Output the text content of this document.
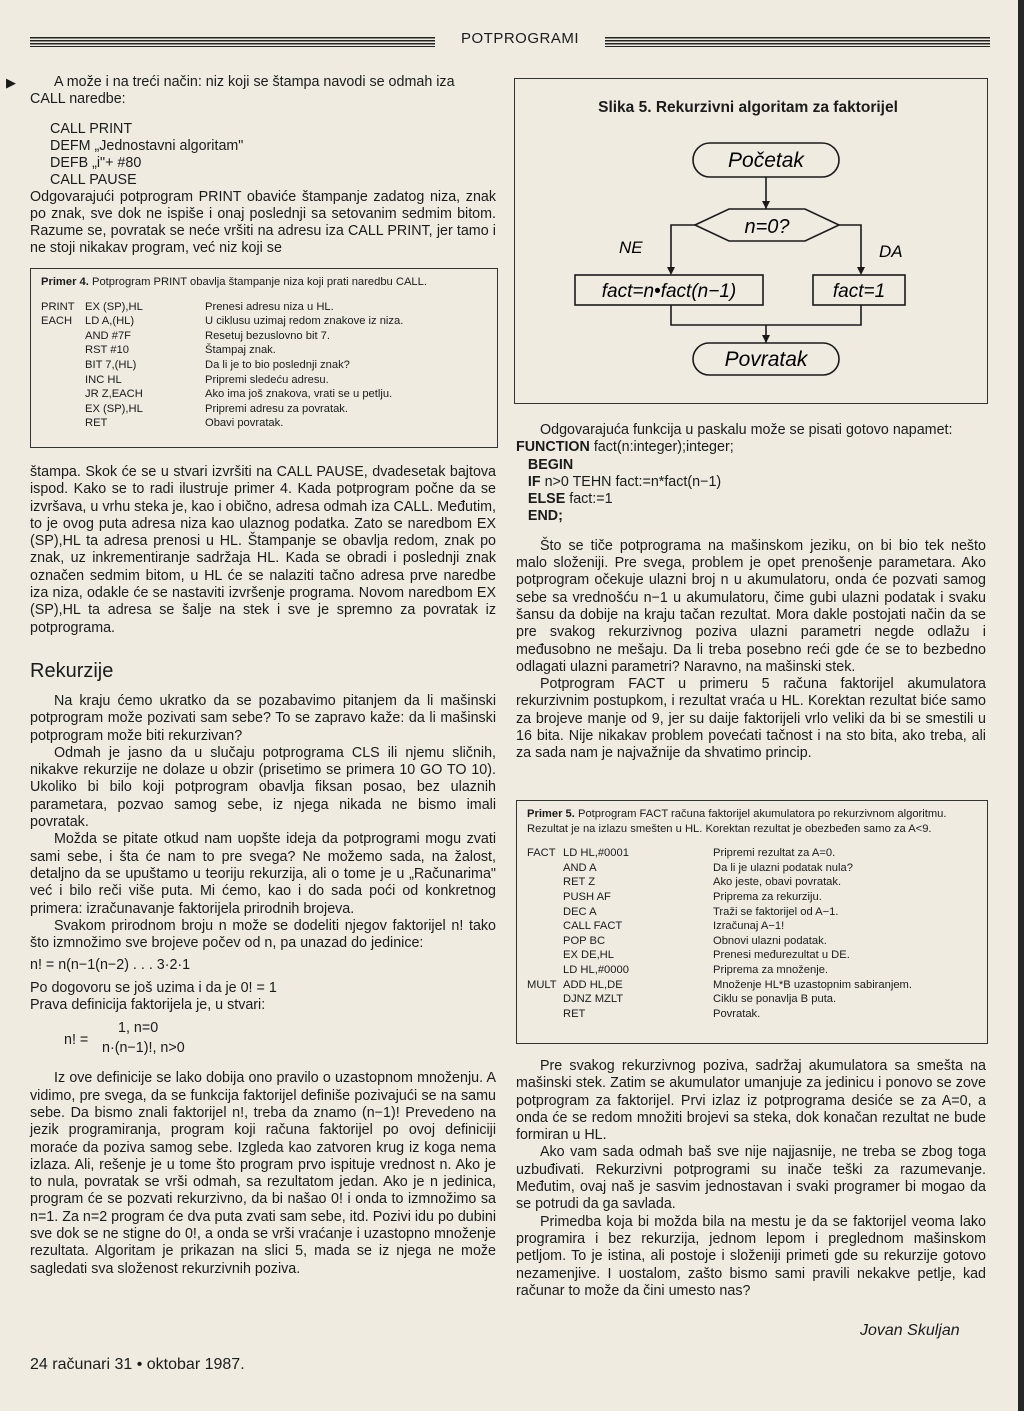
POTPROGRAMI
▶	A može i na treći način: niz koji se štampa navodi se odmah iza

CALL naredbe:

CALL PRINT
DEFM „Jednostavni algoritam"
DEFB „i"+ #80
CALL PAUSE

Odgovarajući potprogram PRINT obaviće štampanje zadatog niza, znak po znak, sve dok ne ispiše i onaj poslednji sa setovanim sedmim bitom. Razume se, povratak se neće vršiti na adresu iza CALL PRINT, jer tamo i ne stoji nikakav program, već niz koji se

Primer 4. Potprogram PRINT obavlja štampanje niza koji prati naredbu CALL.
PRINT	EX (SP),HL	Prenesi adresu niza u HL.
EACH	LD A,(HL)	U ciklusu uzimaj redom znakove iz niza.
	AND #7F	Resetuj bezuslovno bit 7.
	RST #10	Štampaj znak.
	BIT 7,(HL)	Da li je to bio poslednji znak?
	INC HL	Pripremi sledeću adresu.
	JR Z,EACH	Ako ima još znakova, vrati se u petlju.
	EX (SP),HL	Pripremi adresu za povratak.
	RET	Obavi povratak.

štampa. Skok će se u stvari izvršiti na CALL PAUSE, dvadesetak bajtova ispod. Kako se to radi ilustruje primer 4. Kada potprogram počne da se izvršava, u vrhu steka je, kao i obično, adresa odmah iza CALL. Međutim, to je ovog puta adresa niza kao ulaznog podatka. Zato se naredbom EX (SP),HL ta adresa prenosi u HL. Štampanje se obavlja redom, znak po znak, uz inkrementiranje sadržaja HL. Kada se obradi i poslednji znak označen sedmim bitom, u HL će se nalaziti tačno adresa prve naredbe iza niza, odakle će se nastaviti izvršenje programa. Novom naredbom EX (SP),HL ta adresa se šalje na stek i sve je spremno za povratak iz potprograma.

Rekurzije

Na kraju ćemo ukratko da se pozabavimo pitanjem da li mašinski potprogram može pozivati sam sebe? To se zapravo kaže: da li mašinski potprogram može biti rekurzivan?

Odmah je jasno da u slučaju potprograma CLS ili njemu sličnih, nikakve rekurzije ne dolaze u obzir (prisetimo se primera 10 GO TO 10). Ukoliko bi bilo koji potprogram obavlja fiksan posao, bez ulaznih parametara, pozvao samog sebe, iz njega nikada ne bismo imali povratak.

Možda se pitate otkud nam uopšte ideja da potprogrami mogu zvati sami sebe, i šta će nam to pre svega? Ne možemo sada, na žalost, detaljno da se upuštamo u teoriju rekurzija, ali o tome je u „Računarima" već i bilo reči više puta. Mi ćemo, kao i do sada poći od konkretnog primera: izračunavanje faktorijela prirodnih brojeva.

Svakom prirodnom broju n može se dodeliti njegov faktorijel n! tako što izmnožimo sve brojeve počev od n, pa unazad do jedinice:

n! = n(n−1(n−2) . . . 3·2·1

Po dogovoru se još uzima i da je 0! = 1

Prava definicija faktorijela je, u stvari:

n! =
1, n=0
n·(n−1)!, n>0

Iz ove definicije se lako dobija ono pravilo o uzastopnom množenju. A vidimo, pre svega, da se funkcija faktorijel definiše pozivajući se na samu sebe. Da bismo znali faktorijel n!, treba da znamo (n−1)! Prevedeno na jezik programiranja, program koji računa faktorijel po ovoj definiciji moraće da poziva samog sebe. Izgleda kao zatvoren krug iz koga nema izlaza. Ali, rešenje je u tome što program prvo ispituje vrednost n. Ako je to nula, povratak se vrši odmah, sa rezultatom jedan. Ako je n jedinica, program će se pozvati rekurzivno, da bi našao 0! i onda to izmnožimo sa n=1. Za n=2 program će dva puta zvati sam sebe, itd. Pozivi idu po dubini sve dok se ne stigne do 0!, a onda se vrši vraćanje i uzastopno množenje rezultata. Algoritam je prikazan na slici 5, mada se iz njega ne može sagledati sva složenost rekurzivnih poziva.

Slika 5. Rekurzivni algoritam za faktorijel
Početak
n=0?
NE	DA
fact=n•fact(n−1)	fact=1
Povratak

Odgovarajuća funkcija u paskalu može se pisati gotovo napamet:

FUNCTION fact(n:integer);integer;
BEGIN
IF n>0 TEHN fact:=n*fact(n−1)
ELSE fact:=1
END;

Što se tiče potprograma na mašinskom jeziku, on bi bio tek nešto malo složeniji. Pre svega, problem je opet prenošenje parametara. Ako potprogram očekuje ulazni broj n u akumulatoru, onda će pozvati samog sebe sa vrednošću n−1 u akumulatoru, čime gubi ulazni podatak i svaku šansu da dobije na kraju tačan rezultat. Mora dakle postojati način da se pre svakog rekurzivnog poziva ulazni parametri negde odlažu i međusobno ne mešaju. Da li treba posebno reći gde će se to bezbedno odlagati ulazni parametri? Naravno, na mašinski stek.

Potprogram FACT u primeru 5 računa faktorijel akumulatora rekurzivnim postupkom, i rezultat vraća u HL. Korektan rezultat biće samo za brojeve manje od 9, jer su daije faktorijeli vrlo veliki da bi se smestili u 16 bita. Nije nikakav problem povećati tačnost i na sto bita, ako treba, ali za sada nam je najvažnije da shvatimo princip.

Primer 5. Potprogram FACT računa faktorijel akumulatora po rekurzivnom algoritmu. Rezultat je na izlazu smešten u HL. Korektan rezultat je obezbeđen samo za A<9.
FACT	LD HL,#0001	Pripremi rezultat za A=0.
	AND A	Da li je ulazni podatak nula?
	RET Z	Ako jeste, obavi povratak.
	PUSH AF	Priprema za rekurziju.
	DEC A	Traži se faktorijel od A−1.
	CALL FACT	Izračunaj A−1!
	POP BC	Obnovi ulazni podatak.
	EX DE,HL	Prenesi međurezultat u DE.
	LD HL,#0000	Priprema za množenje.
MULT	ADD HL,DE	Množenje HL*B uzastopnim sabiranjem.
	DJNZ MZLT	Ciklu se ponavlja B puta.
	RET	Povratak.

Pre svakog rekurzivnog poziva, sadržaj akumulatora sa smešta na mašinski stek. Zatim se akumulator umanjuje za jedinicu i ponovo se zove potprogram za faktorijel. Prvi izlaz iz potprograma desiće se za A=0, a onda će se redom množiti brojevi sa steka, dok konačan rezultat ne bude formiran u HL.

Ako vam sada odmah baš sve nije najjasnije, ne treba se zbog toga uzbuđivati. Rekurzivni potprogrami su inače teški za razumevanje. Međutim, ovaj naš je sasvim jednostavan i svaki programer bi mogao da se potrudi da ga savlada.

Primedba koja bi možda bila na mestu je da se faktorijel veoma lako programira i bez rekurzija, jednom lepom i preglednom mašinskom petljom. To je istina, ali postoje i složeniji primeti gde su rekurzije gotovo nezamenjive. I uostalom, zašto bismo sami pravili nekakve petlje, kad računar to može da čini umesto nas?

Jovan Skuljan
24 računari 31 • oktobar 1987.
